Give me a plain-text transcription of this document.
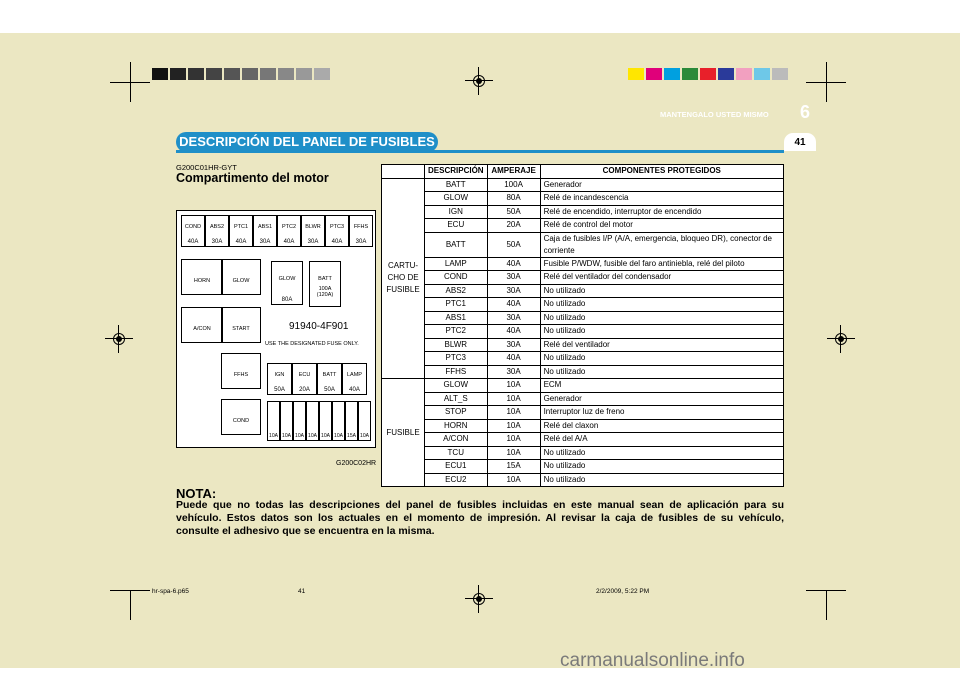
DESCRIPCIÓN DEL PANEL DE FUSIBLES
MANTENGALO USTED MISMO 6
41
G200C01HR-GYT
Compartimento del motor
COND
40A
ABS2
30A
PTC1
40A
ABS1
30A
PTC2
40A
BLWR
30A
PTC3
40A
FFHS
30A
HORN
A/CON
GLOW
START
FFHS
COND
GLOW
80A
BATT
100A
(120A)
91940-4F901
USE THE DESIGNATED FUSE ONLY.
IGN
50A
ECU
20A
BATT
50A
LAMP
40A
10A 10A 10A 10A 10A 10A 15A 10A
G200C02HR
	DESCRIPCIÓN	AMPERAJE	COMPONENTES PROTEGIDOS
CARTU- CHO DE FUSIBLE	BATT	100A	Generador
	GLOW	80A	Relé de incandescencia
	IGN	50A	Relé de encendido, interruptor de encendido
	ECU	20A	Relé de control del motor
	BATT	50A	Caja de fusibles I/P (A/A, emergencia, bloqueo DR), conector de corriente
	LAMP	40A	Fusible P/WDW, fusible del faro antiniebla, relé del piloto
	COND	30A	Relé del ventilador del condensador
	ABS2	30A	No utilizado
	PTC1	40A	No utilizado
	ABS1	30A	No utilizado
	PTC2	40A	No utilizado
	BLWR	30A	Relé del ventilador
	PTC3	40A	No utilizado
	FFHS	30A	No utilizado
FUSIBLE	GLOW	10A	ECM
	ALT_S	10A	Generador
	STOP	10A	Interruptor luz de freno
	HORN	10A	Relé del claxon
	A/CON	10A	Relé del A/A
	TCU	10A	No utilizado
	ECU1	15A	No utilizado
	ECU2	10A	No utilizado
NOTA:
Puede que no todas las descripciones del panel de fusibles incluidas en este manual sean de aplicación para su vehículo. Estos datos son los actuales en el momento de impresión. Al revisar la caja de fusibles de su vehículo, consulte el adhesivo que se encuentra en la misma.
hr-spa-6.p65	41	2/2/2009, 5:22 PM
carmanualsonline.info
